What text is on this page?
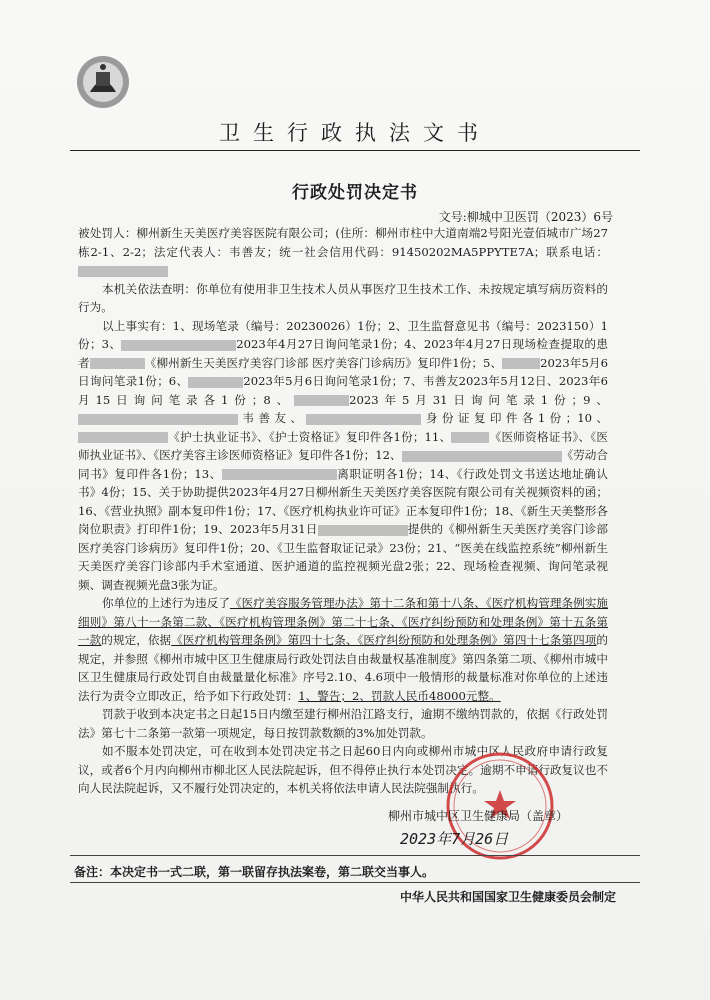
卫生行政执法文书
行政处罚决定书
文号:柳城中卫医罚（2023）6号

被处罚人：柳州新生天美医疗美容医院有限公司；(住所：柳州市柱中大道南端2号阳光壹佰城市广场27栋2-1、2-2；法定代表人：韦善友；统一社会信用代码：91450202MA5PPYTE7A；联系电话：

本机关依法查明：你单位有使用非卫生技术人员从事医疗卫生技术工作、未按规定填写病历资料的行为。

以上事实有：1、现场笔录（编号：20230026）1份；2、卫生监督意见书（编号：2023150）1份；3、	2023年4月27日询问笔录1份；4、2023年4月27日现场检查提取的患者	《柳州新生天美医疗美容门诊部 医疗美容门诊病历》复印件1份；5、	2023年5月6日询问笔录1份；6、	2023年5月6日询问笔录1份；7、韦善友2023年5月12日、2023年6月15日询问笔录各1份；8、	2023年5月31日询问笔录1份；9、韦善友、	身份证复印件各1份；10、《护士执业证书》、《护士资格证》复印件各1份；11、	《医师资格证书》、《医师执业证书》、《医疗美容主诊医师资格证》复印件各1份；12、	《劳动合同书》复印件各1份；13、	离职证明各1份；14、《行政处罚文书送达地址确认书》4份；15、关于协助提供2023年4月27日柳州新生天美医疗美容医院有限公司有关视频资料的函；16、《营业执照》副本复印件1份；17、《医疗机构执业许可证》正本复印件1份；18、《新生天美整形各岗位职责》打印件1份；19、2023年5月31日	提供的《柳州新生天美医疗美容门诊部 医疗美容门诊病历》复印件1份；20、《卫生监督取证记录》23份；21、“医美在线监控系统”柳州新生天美医疗美容门诊部内手术室通道、医护通道的监控视频光盘2张；22、现场检查视频、询问笔录视频、调查视频光盘3张为证。

你单位的上述行为违反了《医疗美容服务管理办法》第十二条和第十八条、《医疗机构管理条例实施细则》第八十一条第二款、《医疗机构管理条例》第二十七条、《医疗纠纷预防和处理条例》第十五条第一款的规定，依据《医疗机构管理条例》第四十七条、《医疗纠纷预防和处理条例》第四十七条第四项的规定，并参照《柳州市城中区卫生健康局行政处罚法自由裁量权基准制度》第四条第二项、《柳州市城中区卫生健康局行政处罚自由裁量量化标准》序号2.10、4.6项中一般情形的裁量标准对你单位的上述违法行为责令立即改正，给予如下行政处罚：1、警告；2、罚款人民币48000元整。

罚款于收到本决定书之日起15日内缴至建行柳州沿江路支行，逾期不缴纳罚款的，依据《行政处罚法》第七十二条第一款第一项规定，每日按罚款数额的3%加处罚款。

如不服本处罚决定，可在收到本处罚决定书之日起60日内向或柳州市城中区人民政府申请行政复议，或者6个月内向柳州市柳北区人民法院起诉，但不得停止执行本处罚决定。逾期不申请行政复议也不向人民法院起诉，又不履行处罚决定的，本机关将依法申请人民法院强制执行。

柳州市城中区卫生健康局（盖章）
2023年7月26日
备注：本决定书一式二联，第一联留存执法案卷，第二联交当事人。
中华人民共和国国家卫生健康委员会制定
